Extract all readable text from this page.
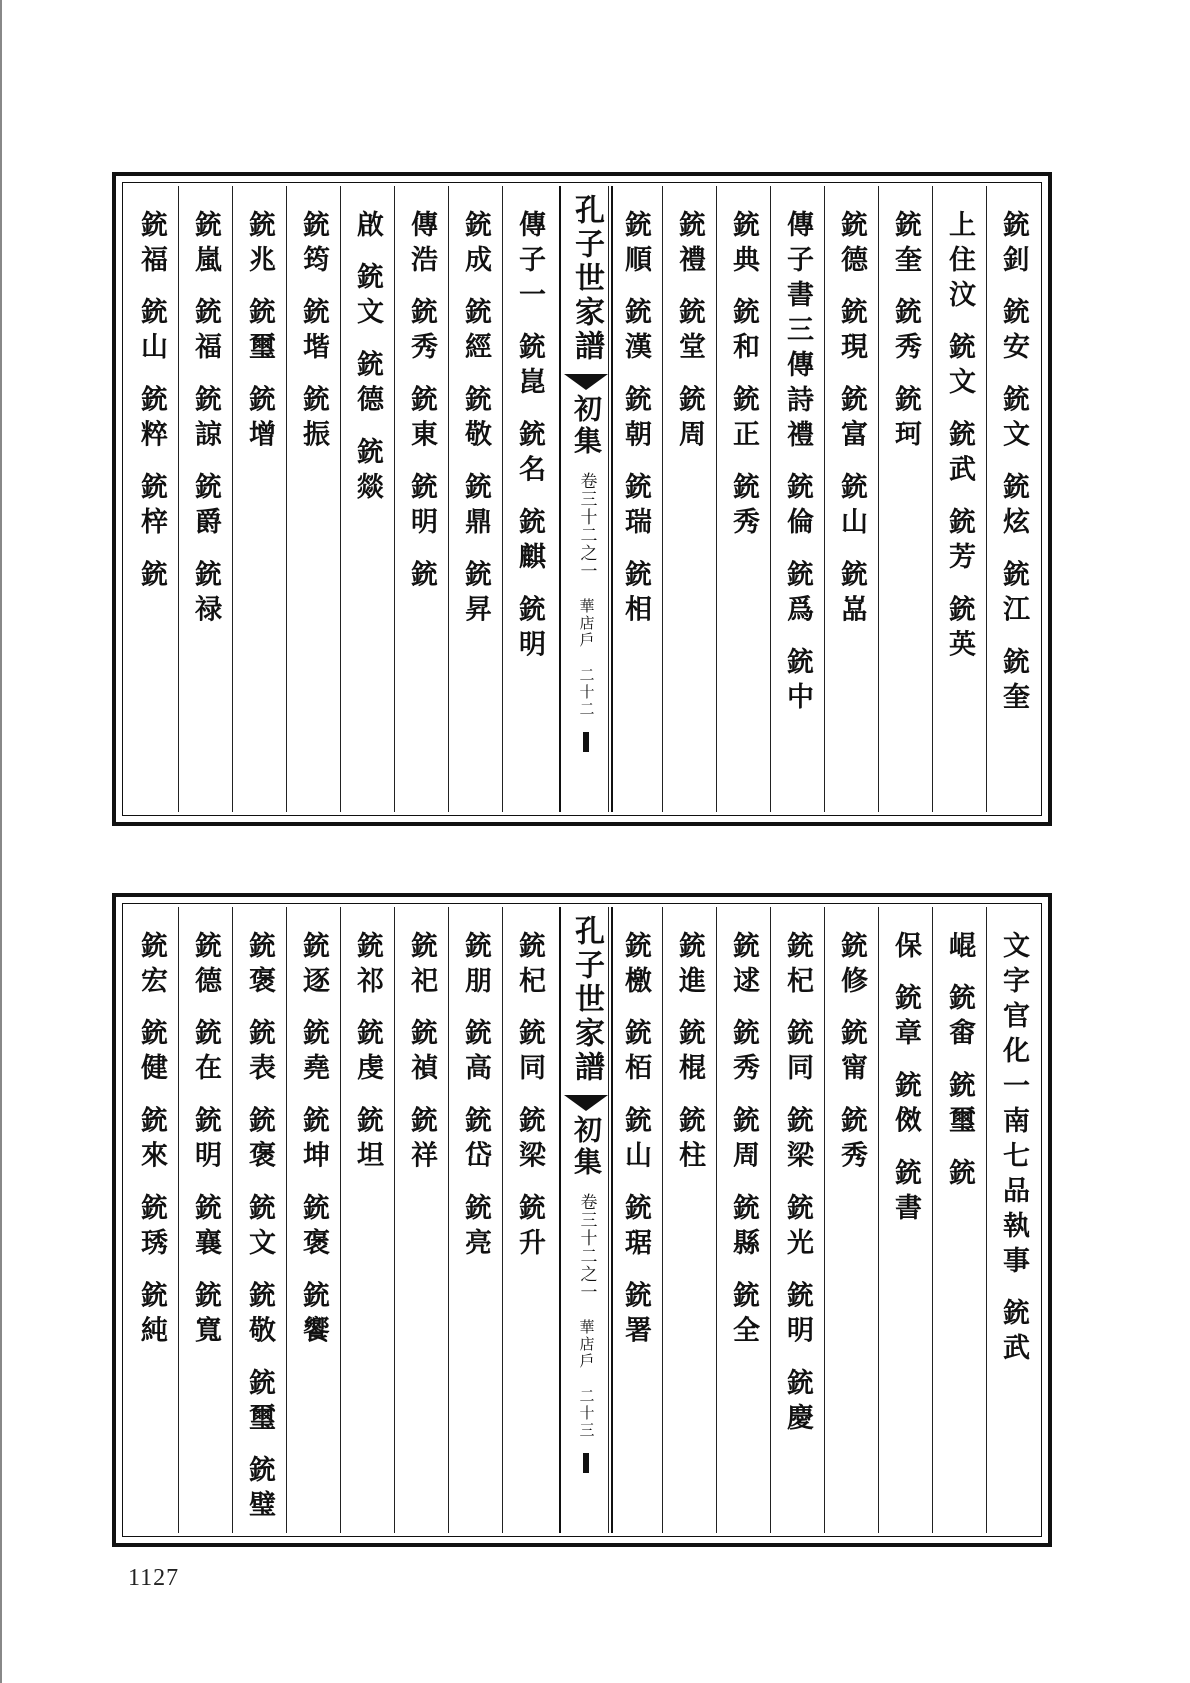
銃釗 銃安 銃文 銃炫 銃江 銃奎
上住汶 銃文 銃武 銃芳 銃英
銃奎 銃秀 銃珂
銃德 銃現 銃富 銃山 銃嵓
傳子書三傳詩禮 銃倫 銃爲 銃中
銃典 銃和 銃正 銃秀
銃禮 銃堂 銃周
銃順 銃漢 銃朝 銃瑞 銃相
孔子世家譜
初集
卷三十二之一
華店戶
二十二
傳子一 銃崑 銃名 銃麒 銃明
銃成 銃經 銃敬 銃鼎 銃昇
傳浩 銃秀 銃東 銃明 銃
啟 銃文 銃德 銃燚
銃筠 銃堦 銃振
銃兆 銃璽 銃增
銃嵐 銃福 銃諒 銃爵 銃禄
銃福 銃山 銃粹 銃梓 銃
文字官化一南七品執事 銃武
崐 銃畬 銃璽 銃
保 銃章 銃傚 銃書
銃修 銃甯 銃秀
銃杞 銃同 銃梁 銃光 銃明 銃慶
銃逑 銃秀 銃周 銃縣 銃全
銃進 銃棍 銃柱
銃檄 銃栢 銃山 銃琚 銃署
孔子世家譜
初集
卷三十二之一
華店戶
二十三
銃杞 銃同 銃梁 銃升
銃朋 銃高 銃岱 銃亮
銃祀 銃禎 銃祥
銃祁 銃虔 銃坦
銃逐 銃堯 銃坤 銃褒 銃饗
銃褒 銃表 銃褒 銃文 銃敬 銃璽 銃璧
銃德 銃在 銃明 銃襄 銃寬
銃宏 銃健 銃來 銃琇 銃純
1127
